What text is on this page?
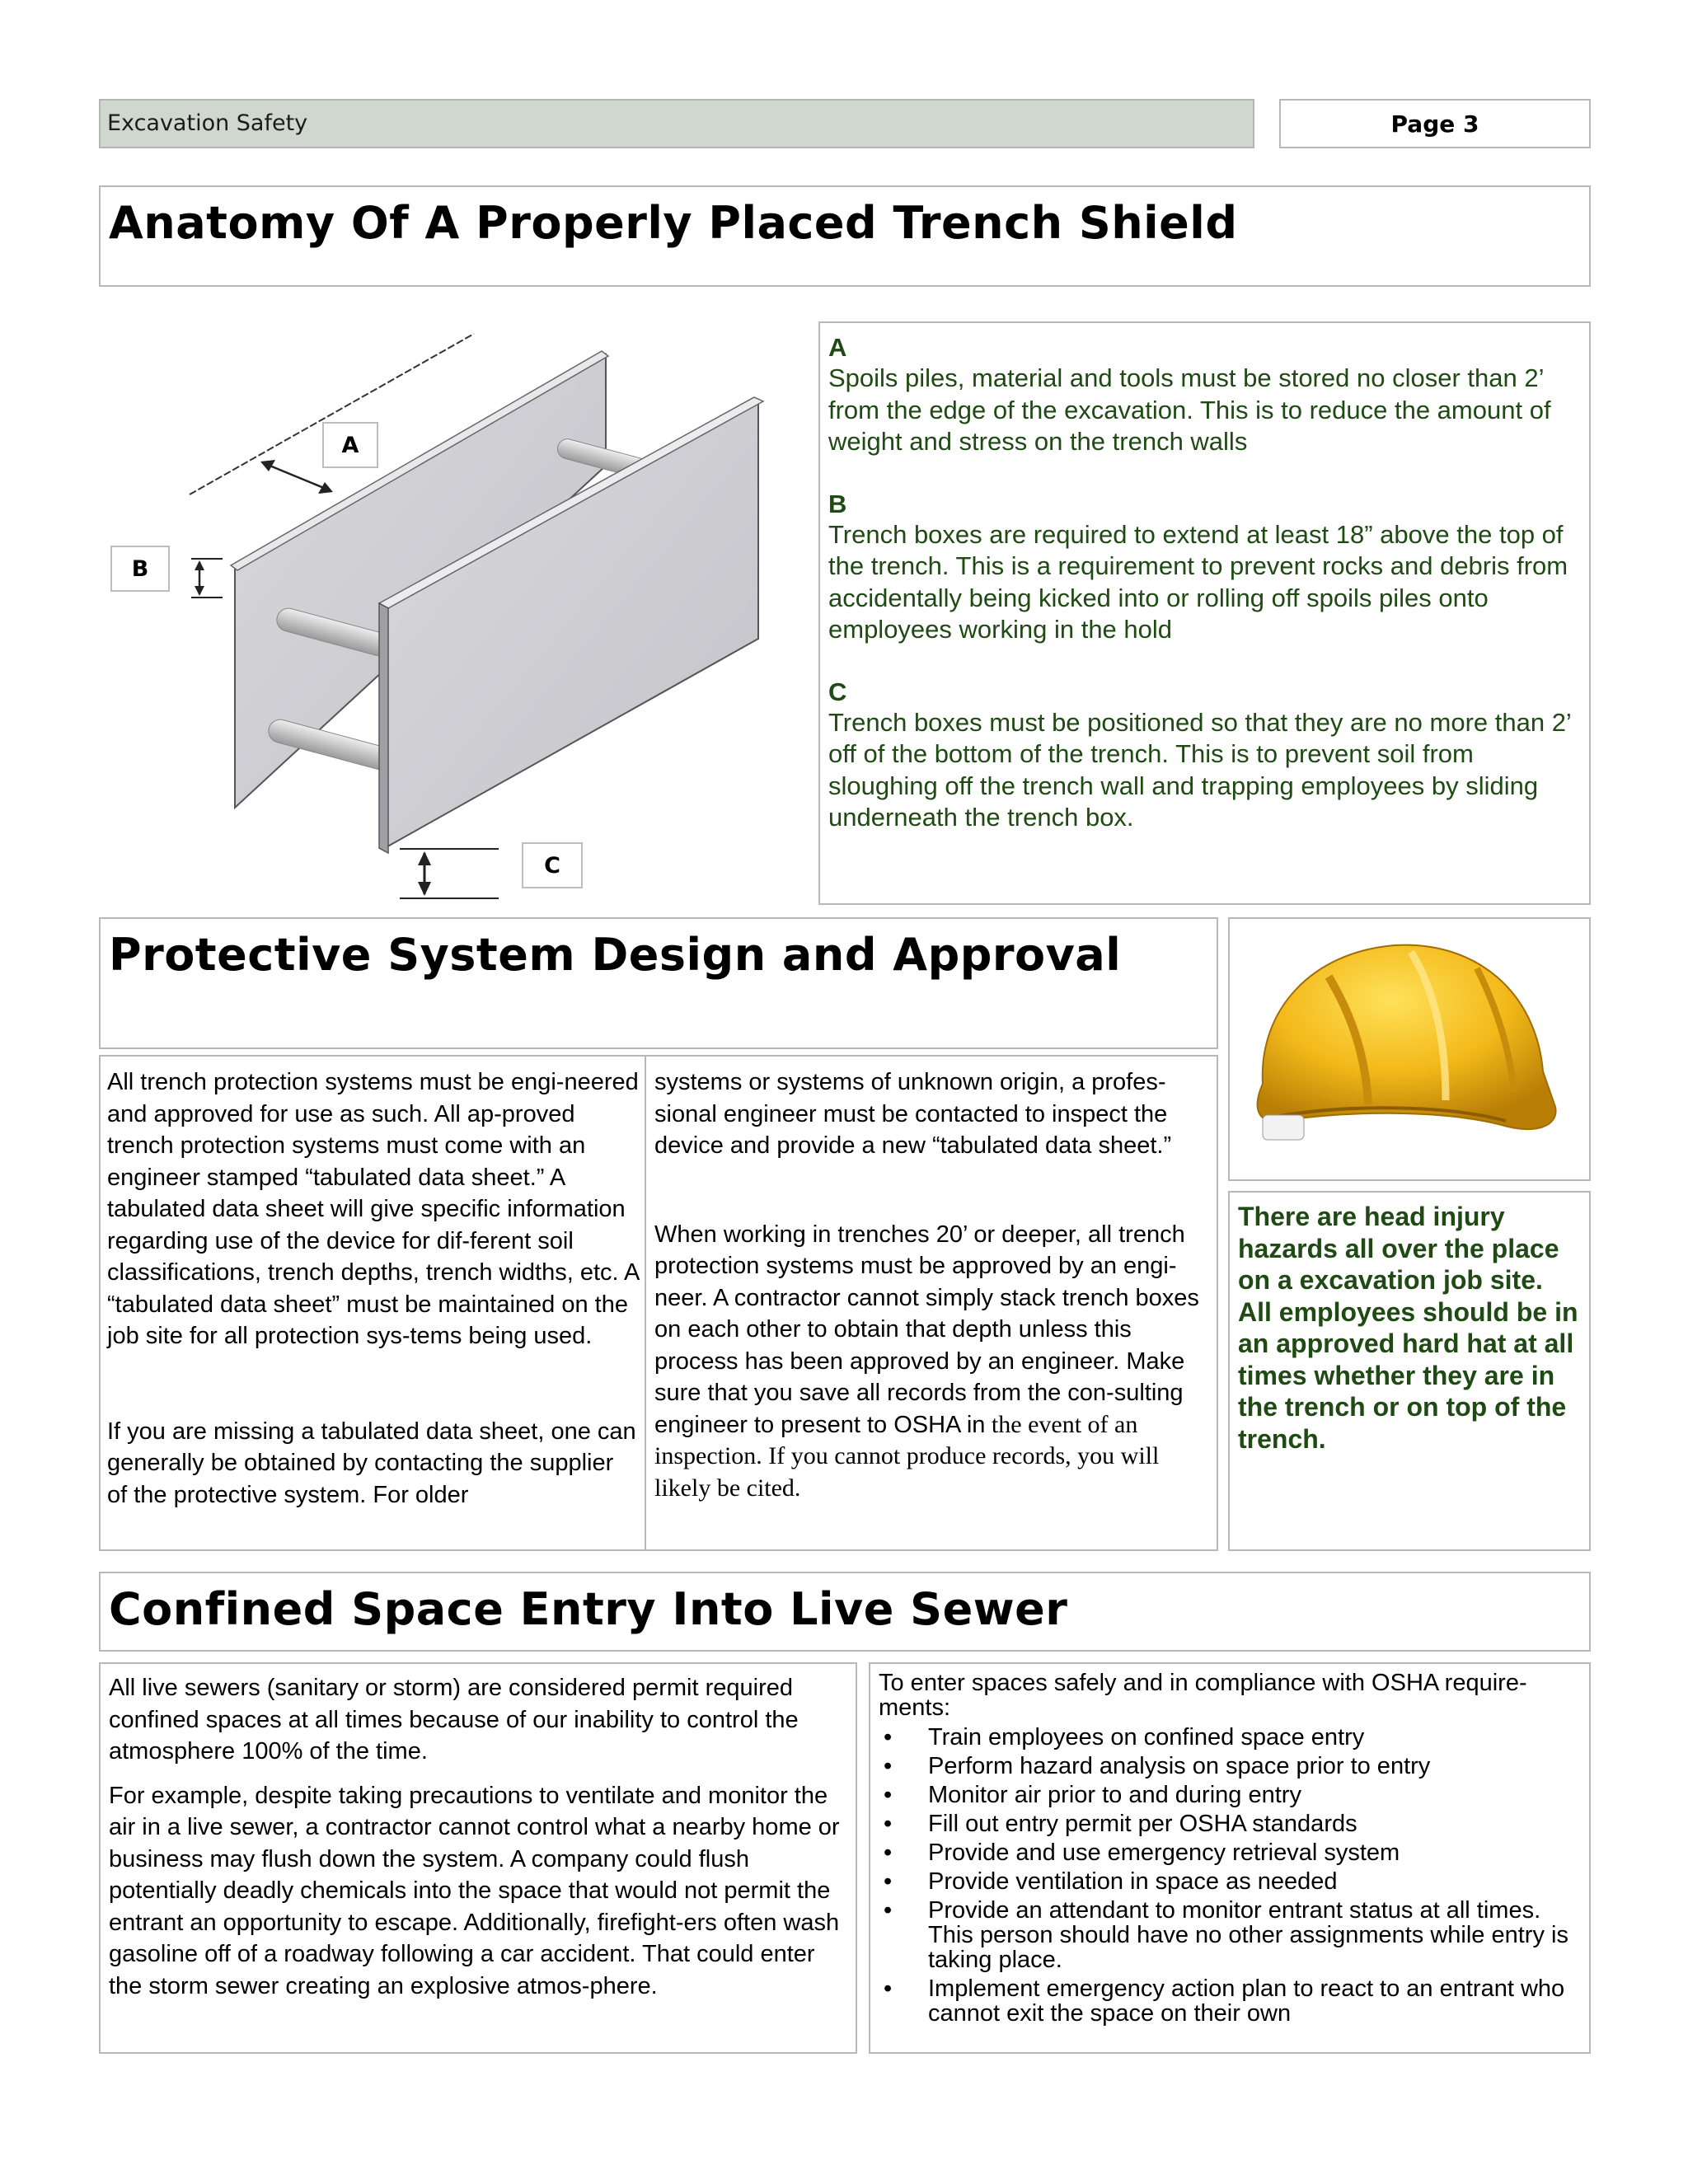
Excavation Safety	Page 3
Anatomy Of A Properly Placed Trench Shield
A
B
C
A
Spoils piles, material and tools must be stored no closer than 2’ from the edge of the excavation. This is to reduce the amount of weight and stress on the trench walls
B
Trench boxes are required to extend at least 18” above the top of the trench. This is a requirement to prevent rocks and debris from accidentally being kicked into or rolling off spoils piles onto employees working in the hold
C
Trench boxes must be positioned so that they are no more than 2’ off of the bottom of the trench. This is to prevent soil from sloughing off the trench wall and trapping employees by sliding underneath the trench box.
Protective System Design and Approval

All trench protection systems must be engi-neered and approved for use as such. All ap-proved trench protection systems must come with an engineer stamped “tabulated data sheet.” A tabulated data sheet will give specific information regarding use of the device for dif-ferent soil classifications, trench depths, trench widths, etc. A “tabulated data sheet” must be maintained on the job site for all protection sys-tems being used.

If you are missing a tabulated data sheet, one can generally be obtained by contacting the supplier of the protective system. For older

systems or systems of unknown origin, a profes-sional engineer must be contacted to inspect the device and provide a new “tabulated data sheet.”

When working in trenches 20’ or deeper, all trench protection systems must be approved by an engi-neer. A contractor cannot simply stack trench boxes on each other to obtain that depth unless this process has been approved by an engineer. Make sure that you save all records from the con-sulting engineer to present to OSHA in the event of an inspection. If you cannot produce records, you will likely be cited.

There are head injury hazards all over the place on a excavation job site. All employees should be in an approved hard hat at all times whether they are in the trench or on top of the trench.

Confined Space Entry Into Live Sewer

All live sewers (sanitary or storm) are considered permit required confined spaces at all times because of our inability to control the atmosphere 100% of the time.

For example, despite taking precautions to ventilate and monitor the air in a live sewer, a contractor cannot control what a nearby home or business may flush down the system. A company could flush potentially deadly chemicals into the space that would not permit the entrant an opportunity to escape. Additionally, firefight-ers often wash gasoline off of a roadway following a car accident. That could enter the storm sewer creating an explosive atmos-phere.

To enter spaces safely and in compliance with OSHA require-ments:

• Train employees on confined space entry
• Perform hazard analysis on space prior to entry
• Monitor air prior to and during entry
• Fill out entry permit per OSHA standards
• Provide and use emergency retrieval system
• Provide ventilation in space as needed
• Provide an attendant to monitor entrant status at all times. This person should have no other assignments while entry is taking place.
• Implement emergency action plan to react to an entrant who cannot exit the space on their own
